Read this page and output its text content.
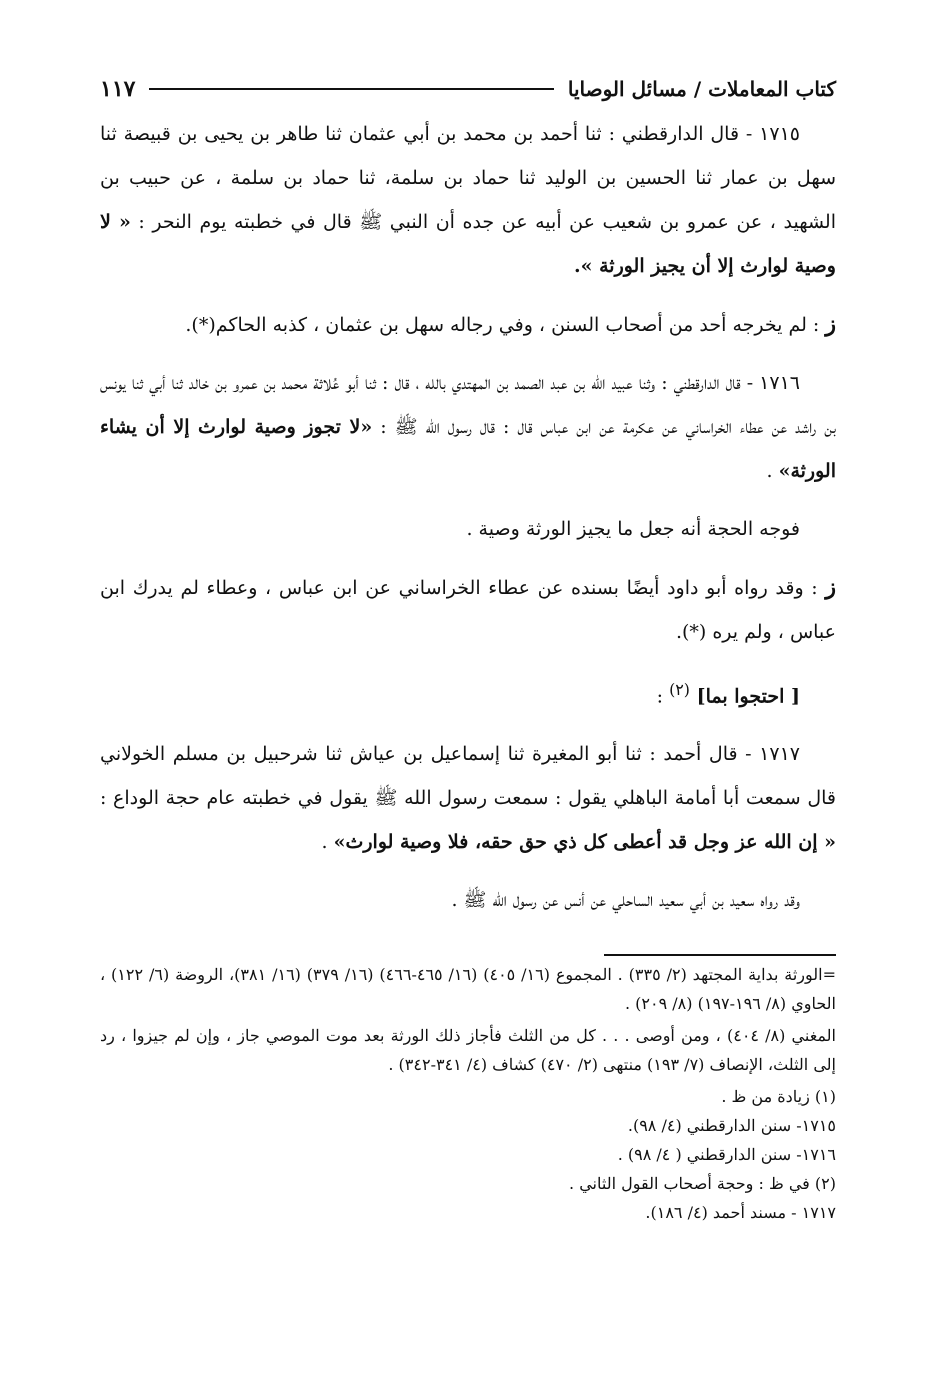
كتاب المعاملات / مسائل الوصايا
١١٧

١٧١٥ - قال الدارقطني : ثنا أحمد بن محمد بن أبي عثمان ثنا طاهر بن يحيى بن قبيصة ثنا سهل بن عمار ثنا الحسين بن الوليد ثنا حماد بن سلمة، ثنا حماد بن سلمة ، عن حبيب بن الشهيد ، عن عمرو بن شعيب عن أبيه عن جده أن النبي ﷺ قال في خطبته يوم النحر : « لا وصية لوارث إلا أن يجيز الورثة ».

ز : لم يخرجه أحد من أصحاب السنن ، وفي رجاله سهل بن عثمان ، كذبه الحاكم(*).

١٧١٦ - قال الدارقطني : وثنا عبيد الله بن عبد الصمد بن المهتدي بالله ، قال : ثنا أبو عُلاثة محمد بن عمرو بن خالد ثنا أبي ثنا يونس بن راشد عن عطاء الخراساني عن عكرمة عن ابن عباس قال : قال رسول الله ﷺ : «لا تجوز وصية لوارث إلا أن يشاء الورثة» .

فوجه الحجة أنه جعل ما يجيز الورثة وصية .

ز : وقد رواه أبو داود أيضًا بسنده عن عطاء الخراساني عن ابن عباس ، وعطاء لم يدرك ابن عباس ، ولم يره (*).

[ احتجوا بما] $^{(٢)}$ :

١٧١٧ - قال أحمد : ثنا أبو المغيرة ثنا إسماعيل بن عياش ثنا شرحبيل بن مسلم الخولاني قال سمعت أبا أمامة الباهلي يقول : سمعت رسول الله ﷺ يقول في خطبته عام حجة الوداع : « إن الله عز وجل قد أعطى كل ذي حق حقه، فلا وصية لوارث» .

وقد رواه سعيد بن أبي سعيد الساحلي عن أنس عن رسول الله ﷺ .

=الورثة بداية المجتهد (٢/ ٣٣٥) . المجموع (١٦/ ٤٠٥) (١٦/ ٤٦٥-٤٦٦) (١٦/ ٣٧٩) (١٦/ ٣٨١)، الروضة (٦/ ١٢٢) ، الحاوي (٨/ ١٩٦-١٩٧) (٨/ ٢٠٩) .
المغني (٨/ ٤٠٤) ، ومن أوصى . . . كل من الثلث فأجاز ذلك الورثة بعد موت الموصي جاز ، وإن لم جيزوا ، رد إلى الثلث، الإنصاف (٧/ ١٩٣) منتهى (٢/ ٤٧٠) كشاف (٤/ ٣٤١-٣٤٢) .
(١) زيادة من ظ .
١٧١٥- سنن الدارقطني (٤/ ٩٨).
١٧١٦- سنن الدارقطني ( ٤/ ٩٨) .
(٢) في ظ : وحجة أصحاب القول الثاني .
١٧١٧ - مسند أحمد (٤/ ١٨٦).
